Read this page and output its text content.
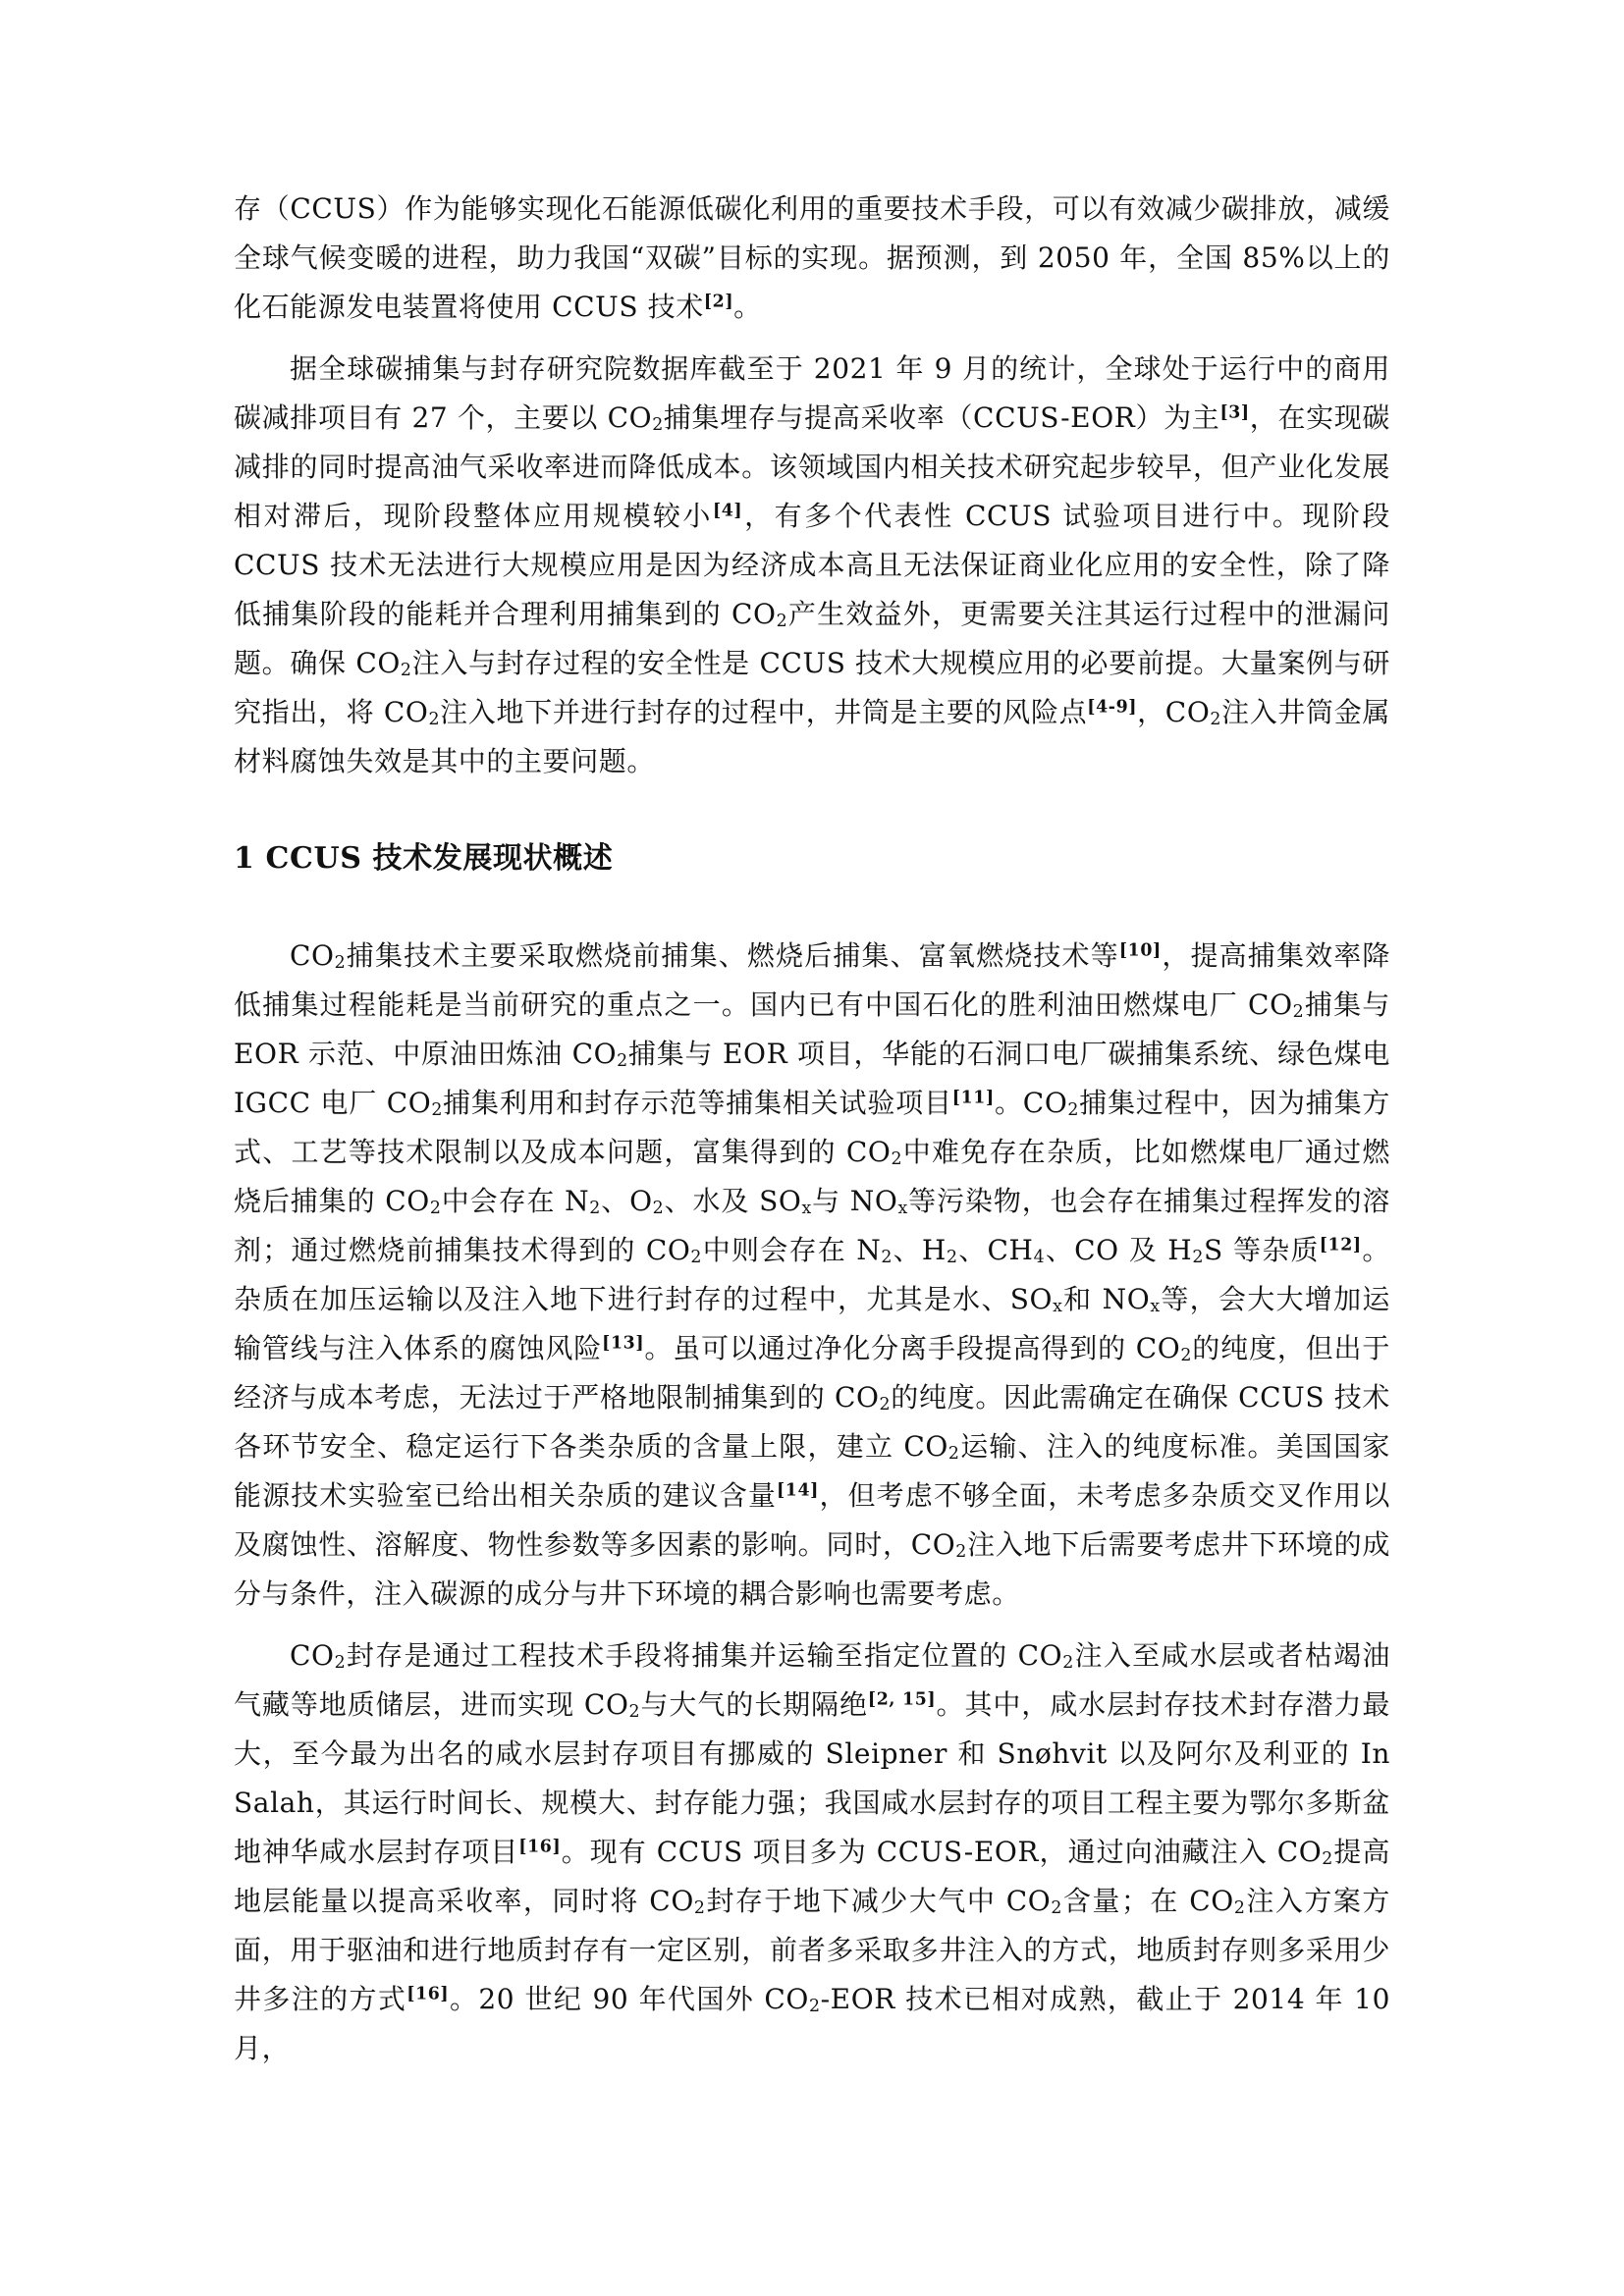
存（CCUS）作为能够实现化石能源低碳化利用的重要技术手段，可以有效减少碳排放，减缓全球气候变暖的进程，助力我国“双碳”目标的实现。据预测，到 2050 年，全国 85%以上的化石能源发电装置将使用 CCUS 技术[2]。

据全球碳捕集与封存研究院数据库截至于 2021 年 9 月的统计，全球处于运行中的商用碳减排项目有 27 个，主要以 $CO_2$捕集埋存与提高采收率（CCUS-EOR）为主[3]，在实现碳减排的同时提高油气采收率进而降低成本。该领域国内相关技术研究起步较早，但产业化发展相对滞后，现阶段整体应用规模较小[4]，有多个代表性 CCUS 试验项目进行中。现阶段 CCUS 技术无法进行大规模应用是因为经济成本高且无法保证商业化应用的安全性，除了降低捕集阶段的能耗并合理利用捕集到的 $CO_2$产生效益外，更需要关注其运行过程中的泄漏问题。确保 $CO_2$注入与封存过程的安全性是 CCUS 技术大规模应用的必要前提。大量案例与研究指出，将 $CO_2$注入地下并进行封存的过程中，井筒是主要的风险点[4-9]，$CO_2$注入井筒金属材料腐蚀失效是其中的主要问题。

1 CCUS 技术发展现状概述

$CO_2$捕集技术主要采取燃烧前捕集、燃烧后捕集、富氧燃烧技术等[10]，提高捕集效率降低捕集过程能耗是当前研究的重点之一。国内已有中国石化的胜利油田燃煤电厂 $CO_2$捕集与 EOR 示范、中原油田炼油 $CO_2$捕集与 EOR 项目，华能的石洞口电厂碳捕集系统、绿色煤电 IGCC 电厂 $CO_2$捕集利用和封存示范等捕集相关试验项目[11]。$CO_2$捕集过程中，因为捕集方式、工艺等技术限制以及成本问题，富集得到的 $CO_2$中难免存在杂质，比如燃煤电厂通过燃烧后捕集的 $CO_2$中会存在 $N_2$、$O_2$、水及 $SO_x$与 $NO_x$等污染物，也会存在捕集过程挥发的溶剂；通过燃烧前捕集技术得到的 $CO_2$中则会存在 $N_2$、$H_2$、$CH_4$、CO 及 $H_2S$ 等杂质[12]。杂质在加压运输以及注入地下进行封存的过程中，尤其是水、$SO_x$和 $NO_x$等，会大大增加运输管线与注入体系的腐蚀风险[13]。虽可以通过净化分离手段提高得到的 $CO_2$的纯度，但出于经济与成本考虑，无法过于严格地限制捕集到的 $CO_2$的纯度。因此需确定在确保 CCUS 技术各环节安全、稳定运行下各类杂质的含量上限，建立 $CO_2$运输、注入的纯度标准。美国国家能源技术实验室已给出相关杂质的建议含量[14]，但考虑不够全面，未考虑多杂质交叉作用以及腐蚀性、溶解度、物性参数等多因素的影响。同时，$CO_2$注入地下后需要考虑井下环境的成分与条件，注入碳源的成分与井下环境的耦合影响也需要考虑。

$CO_2$封存是通过工程技术手段将捕集并运输至指定位置的 $CO_2$注入至咸水层或者枯竭油气藏等地质储层，进而实现 $CO_2$与大气的长期隔绝[2, 15]。其中，咸水层封存技术封存潜力最大，至今最为出名的咸水层封存项目有挪威的 Sleipner 和 Snøhvit 以及阿尔及利亚的 In Salah，其运行时间长、规模大、封存能力强；我国咸水层封存的项目工程主要为鄂尔多斯盆地神华咸水层封存项目[16]。现有 CCUS 项目多为 CCUS-EOR，通过向油藏注入 $CO_2$提高地层能量以提高采收率，同时将 $CO_2$封存于地下减少大气中 $CO_2$含量；在 $CO_2$注入方案方面，用于驱油和进行地质封存有一定区别，前者多采取多井注入的方式，地质封存则多采用少井多注的方式[16]。20 世纪 90 年代国外 $CO_2$-EOR 技术已相对成熟，截止于 2014 年 10 月，
